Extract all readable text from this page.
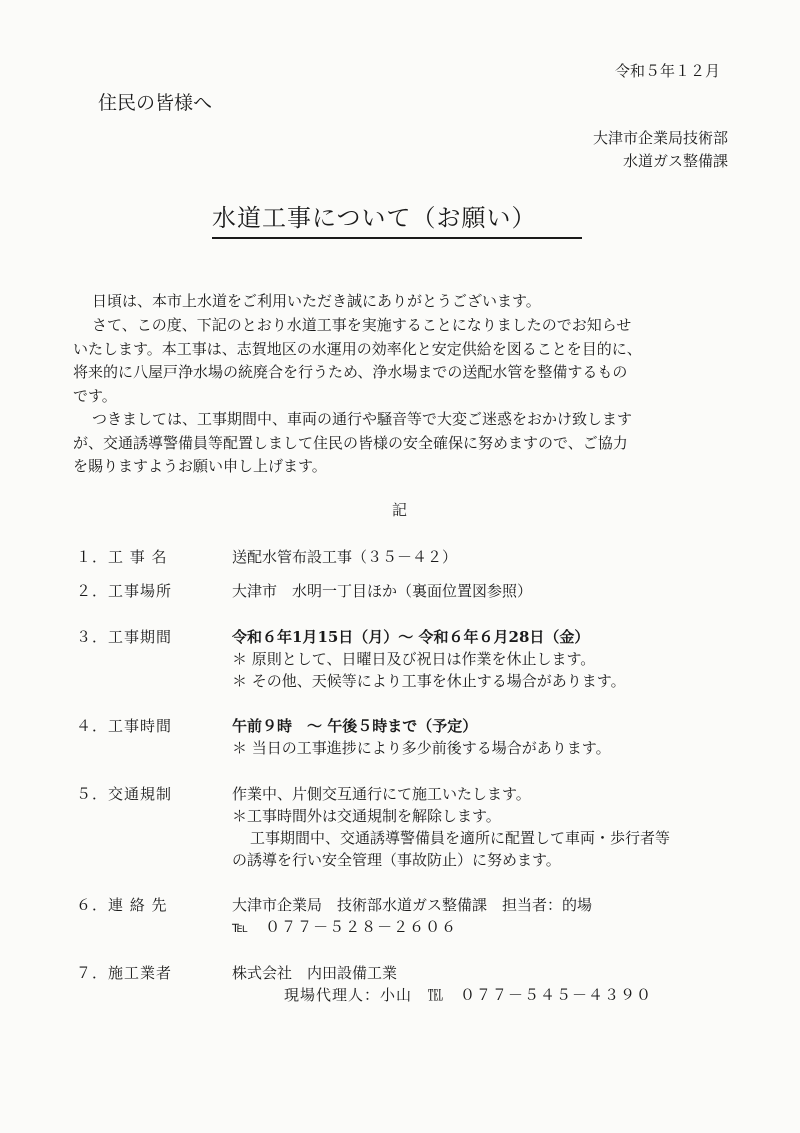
令和５年１２月
住民の皆様へ
大津市企業局技術部
水道ガス整備課
水道工事について（お願い）
日頃は、本市上水道をご利用いただき誠にありがとうございます。
さて、この度、下記のとおり水道工事を実施することになりましたのでお知らせ
いたします。本工事は、志賀地区の水運用の効率化と安定供給を図ることを目的に、
将来的に八屋戸浄水場の統廃合を行うため、浄水場までの送配水管を整備するもの
です。
つきましては、工事期間中、車両の通行や騒音等で大変ご迷惑をおかけ致します
が、交通誘導警備員等配置しまして住民の皆様の安全確保に努めますので、ご協力
を賜りますようお願い申し上げます。
記
１．工 事 名	送配水管布設工事（３５－４２）
２．工事場所	大津市　水明一丁目ほか（裏面位置図参照）
３．工事期間	令和６年1月15日（月）～ 令和６年６月28日（金）
＊ 原則として、日曜日及び祝日は作業を休止します。
＊ その他、天候等により工事を休止する場合があります。
４．工事時間	午前９時　～ 午後５時まで（予定）
＊ 当日の工事進捗により多少前後する場合があります。
５．交通規制	作業中、片側交互通行にて施工いたします。
＊工事時間外は交通規制を解除します。
工事期間中、交通誘導警備員を適所に配置して車両・歩行者等
の誘導を行い安全管理（事故防止）に努めます。
６．連 絡 先	大津市企業局　技術部水道ガス整備課　担当者：的場
℡　０７７－５２８－２６０６
７．施工業者	株式会社　内田設備工業
現場代理人：小山　℡　０７７－５４５－４３９０
